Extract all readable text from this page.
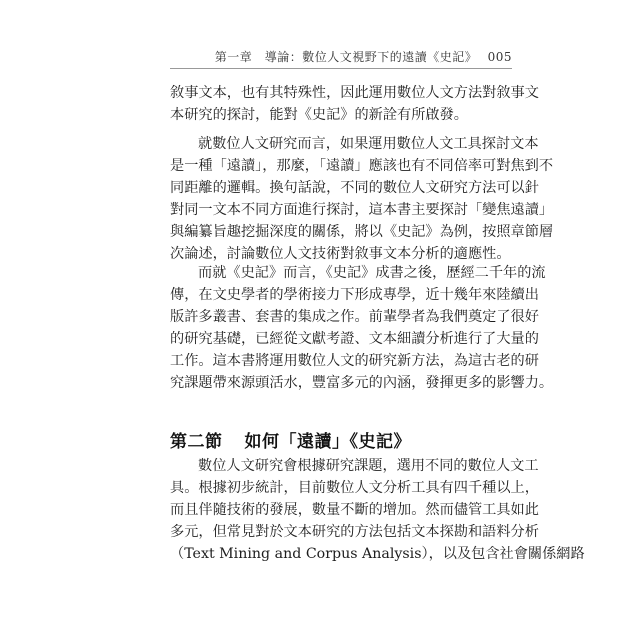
第一章　導論：數位人文視野下的遠讀《史記》 005

敘事文本，也有其特殊性，因此運用數位人文方法對敘事文
本研究的探討，能對《史記》的新詮有所啟發。

就數位人文研究而言，如果運用數位人文工具探討文本
是一種「遠讀」，那麼，「遠讀」應該也有不同倍率可對焦到不
同距離的邏輯。換句話說，不同的數位人文研究方法可以針
對同一文本不同方面進行探討，這本書主要探討「變焦遠讀」
與編纂旨趣挖掘深度的關係，將以《史記》為例，按照章節層
次論述，討論數位人文技術對敘事文本分析的適應性。

而就《史記》而言，《史記》成書之後，歷經二千年的流
傳，在文史學者的學術接力下形成專學，近十幾年來陸續出
版許多叢書、套書的集成之作。前輩學者為我們奠定了很好
的研究基礎，已經從文獻考證、文本細讀分析進行了大量的
工作。這本書將運用數位人文的研究新方法，為這古老的研
究課題帶來源頭活水，豐富多元的內涵，發揮更多的影響力。

第二節 如何「遠讀」《史記》

數位人文研究會根據研究課題，選用不同的數位人文工
具。根據初步統計，目前數位人文分析工具有四千種以上，
而且伴隨技術的發展，數量不斷的增加。然而儘管工具如此
多元，但常見對於文本研究的方法包括文本探勘和語料分析
（Text Mining and Corpus Analysis），以及包含社會關係網路
